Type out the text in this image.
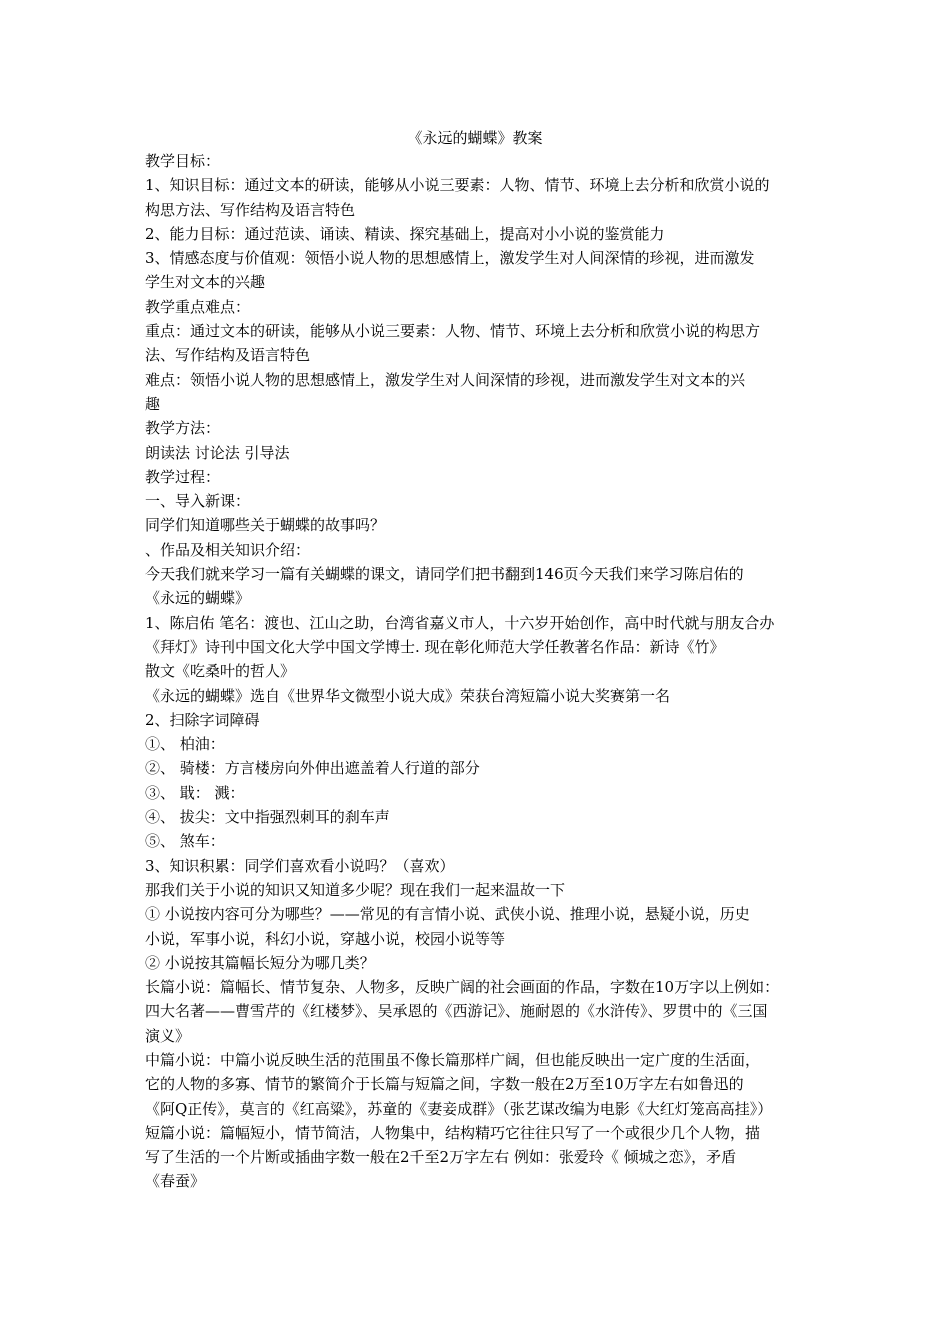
《永远的蝴蝶》教案
教学目标：
1、知识目标：通过文本的研读，能够从小说三要素：人物、情节、环境上去分析和欣赏小说的
构思方法、写作结构及语言特色
2、能力目标：通过范读、诵读、精读、探究基础上，提高对小小说的鉴赏能力
3、情感态度与价值观：领悟小说人物的思想感情上，激发学生对人间深情的珍视，进而激发
学生对文本的兴趣
教学重点难点：
重点：通过文本的研读，能够从小说三要素：人物、情节、环境上去分析和欣赏小说的构思方
法、写作结构及语言特色
难点：领悟小说人物的思想感情上，激发学生对人间深情的珍视，进而激发学生对文本的兴
趣
教学方法：
朗读法 讨论法 引导法
教学过程：
一、导入新课：
同学们知道哪些关于蝴蝶的故事吗？
、作品及相关知识介绍：
今天我们就来学习一篇有关蝴蝶的课文，请同学们把书翻到146页今天我们来学习陈启佑的
《永远的蝴蝶》
1、陈启佑 笔名：渡也、江山之助，台湾省嘉义市人，十六岁开始创作，高中时代就与朋友合办
《拜灯》诗刊中国文化大学中国文学博士. 现在彰化师范大学任教著名作品：新诗《竹》
散文《吃桑叶的哲人》
《永远的蝴蝶》选自《世界华文微型小说大成》荣获台湾短篇小说大奖赛第一名
2、扫除字词障碍
①、 柏油：
②、 骑楼：方言楼房向外伸出遮盖着人行道的部分
③、 戢： 溅：
④、 拔尖：文中指强烈刺耳的刹车声
⑤、 煞车：
3、知识积累：同学们喜欢看小说吗？（喜欢）
那我们关于小说的知识又知道多少呢？现在我们一起来温故一下
① 小说按内容可分为哪些？——常见的有言情小说、武侠小说、推理小说，悬疑小说，历史
小说，军事小说，科幻小说，穿越小说，校园小说等等
② 小说按其篇幅长短分为哪几类？
长篇小说：篇幅长、情节复杂、人物多，反映广阔的社会画面的作品，字数在10万字以上例如：
四大名著——曹雪芹的《红楼梦》、吴承恩的《西游记》、施耐恩的《水浒传》、罗贯中的《三国
演义》
中篇小说：中篇小说反映生活的范围虽不像长篇那样广阔，但也能反映出一定广度的生活面，
它的人物的多寡、情节的繁简介于长篇与短篇之间，字数一般在2万至10万字左右如鲁迅的
《阿Q正传》，莫言的《红高粱》，苏童的《妻妾成群》（张艺谋改编为电影《大红灯笼高高挂》）
短篇小说：篇幅短小，情节简洁，人物集中，结构精巧它往往只写了一个或很少几个人物，描
写了生活的一个片断或插曲字数一般在2千至2万字左右 例如：张爱玲《 倾城之恋》，矛盾
《春蚕》
